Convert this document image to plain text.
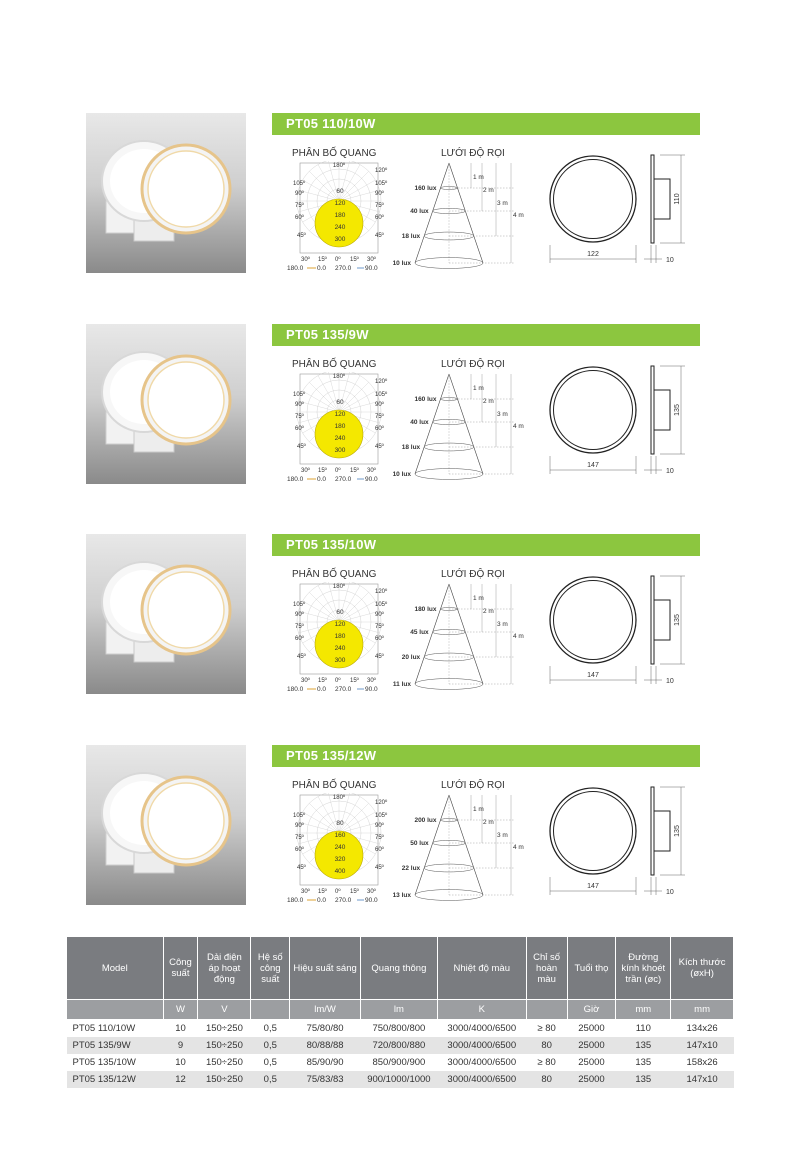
PT05 110/10W
PHÂN BỐ QUANG	LƯỚI ĐỘ RỌI
60
120
180
240
300
105º
90º
75º
60º
45º
120º
105º
90º
75º
60º
45º
180º
30º 15º 0º 15º 30º
180.0 0.0 270.0 90.0
160 lux
40 lux
18 lux
10 lux
1 m
2 m
3 m
4 m
122
110
10
PT05 135/9W
PHÂN BỐ QUANG	LƯỚI ĐỘ RỌI
60
120
180
240
300
105º
90º
75º
60º
45º
120º
105º
90º
75º
60º
45º
180º
30º 15º 0º 15º 30º
180.0 0.0 270.0 90.0
160 lux
40 lux
18 lux
10 lux
1 m
2 m
3 m
4 m
147
135
10
PT05 135/10W
PHÂN BỐ QUANG	LƯỚI ĐỘ RỌI
60
120
180
240
300
105º
90º
75º
60º
45º
120º
105º
90º
75º
60º
45º
180º
30º 15º 0º 15º 30º
180.0 0.0 270.0 90.0
180 lux
45 lux
20 lux
11 lux
1 m
2 m
3 m
4 m
147
135
10
PT05 135/12W
PHÂN BỐ QUANG	LƯỚI ĐỘ RỌI
80
160
240
320
400
105º
90º
75º
60º
45º
120º
105º
90º
75º
60º
45º
180º
30º 15º 0º 15º 30º
180.0 0.0 270.0 90.0
200 lux
50 lux
22 lux
13 lux
1 m
2 m
3 m
4 m
147
135
10
Model	Công suất	Dải điện áp hoạt động	Hệ số công suất	Hiệu suất sáng	Quang thông	Nhiệt độ màu	Chỉ số hoàn màu	Tuổi thọ	Đường kính khoét trần (øc)	Kích thước (øxH)
	W	V		lm/W	lm	K		Giờ	mm	mm
PT05 110/10W	10	150÷250	0,5	75/80/80	750/800/800	3000/4000/6500	≥ 80	25000	110	134x26
PT05 135/9W	9	150÷250	0,5	80/88/88	720/800/880	3000/4000/6500	80	25000	135	147x10
PT05 135/10W	10	150÷250	0,5	85/90/90	850/900/900	3000/4000/6500	≥ 80	25000	135	158x26
PT05 135/12W	12	150÷250	0,5	75/83/83	900/1000/1000	3000/4000/6500	80	25000	135	147x10
